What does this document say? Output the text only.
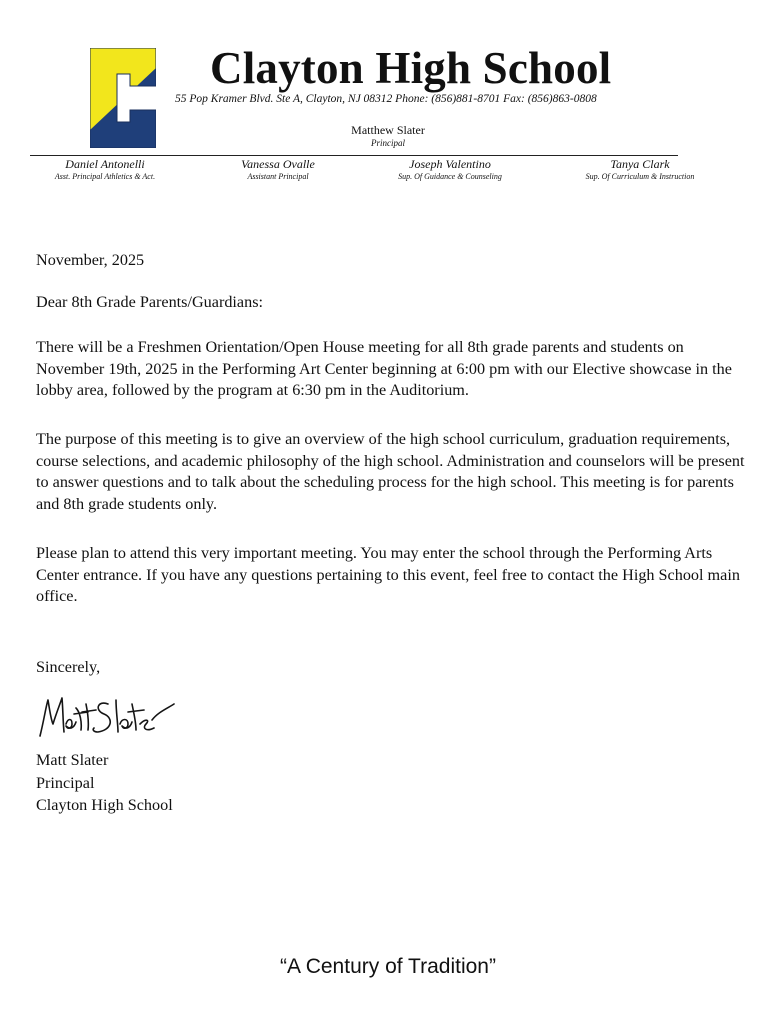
Clayton High School
55 Pop Kramer Blvd. Ste A, Clayton, NJ 08312 Phone: (856)881-8701 Fax: (856)863-0808
Matthew Slater
Principal
Daniel Antonelli
Asst. Principal Athletics & Act.
Vanessa Ovalle
Assistant Principal
Joseph Valentino
Sup. Of Guidance & Counseling
Tanya Clark
Sup. Of Curriculum & Instruction

November, 2025

Dear 8th Grade Parents/Guardians:

There will be a Freshmen Orientation/Open House meeting for all 8th grade parents and students on November 19th, 2025 in the Performing Art Center beginning at 6:00 pm with our Elective showcase in the lobby area, followed by the program at 6:30 pm in the Auditorium.

The purpose of this meeting is to give an overview of the high school curriculum, graduation requirements, course selections, and academic philosophy of the high school. Administration and counselors will be present to answer questions and to talk about the scheduling process for the high school. This meeting is for parents and 8th grade students only.

Please plan to attend this very important meeting. You may enter the school through the Performing Arts Center entrance. If you have any questions pertaining to this event, feel free to contact the High School main office.

Sincerely,

Matt Slater
Principal
Clayton High School
“A Century of Tradition”
